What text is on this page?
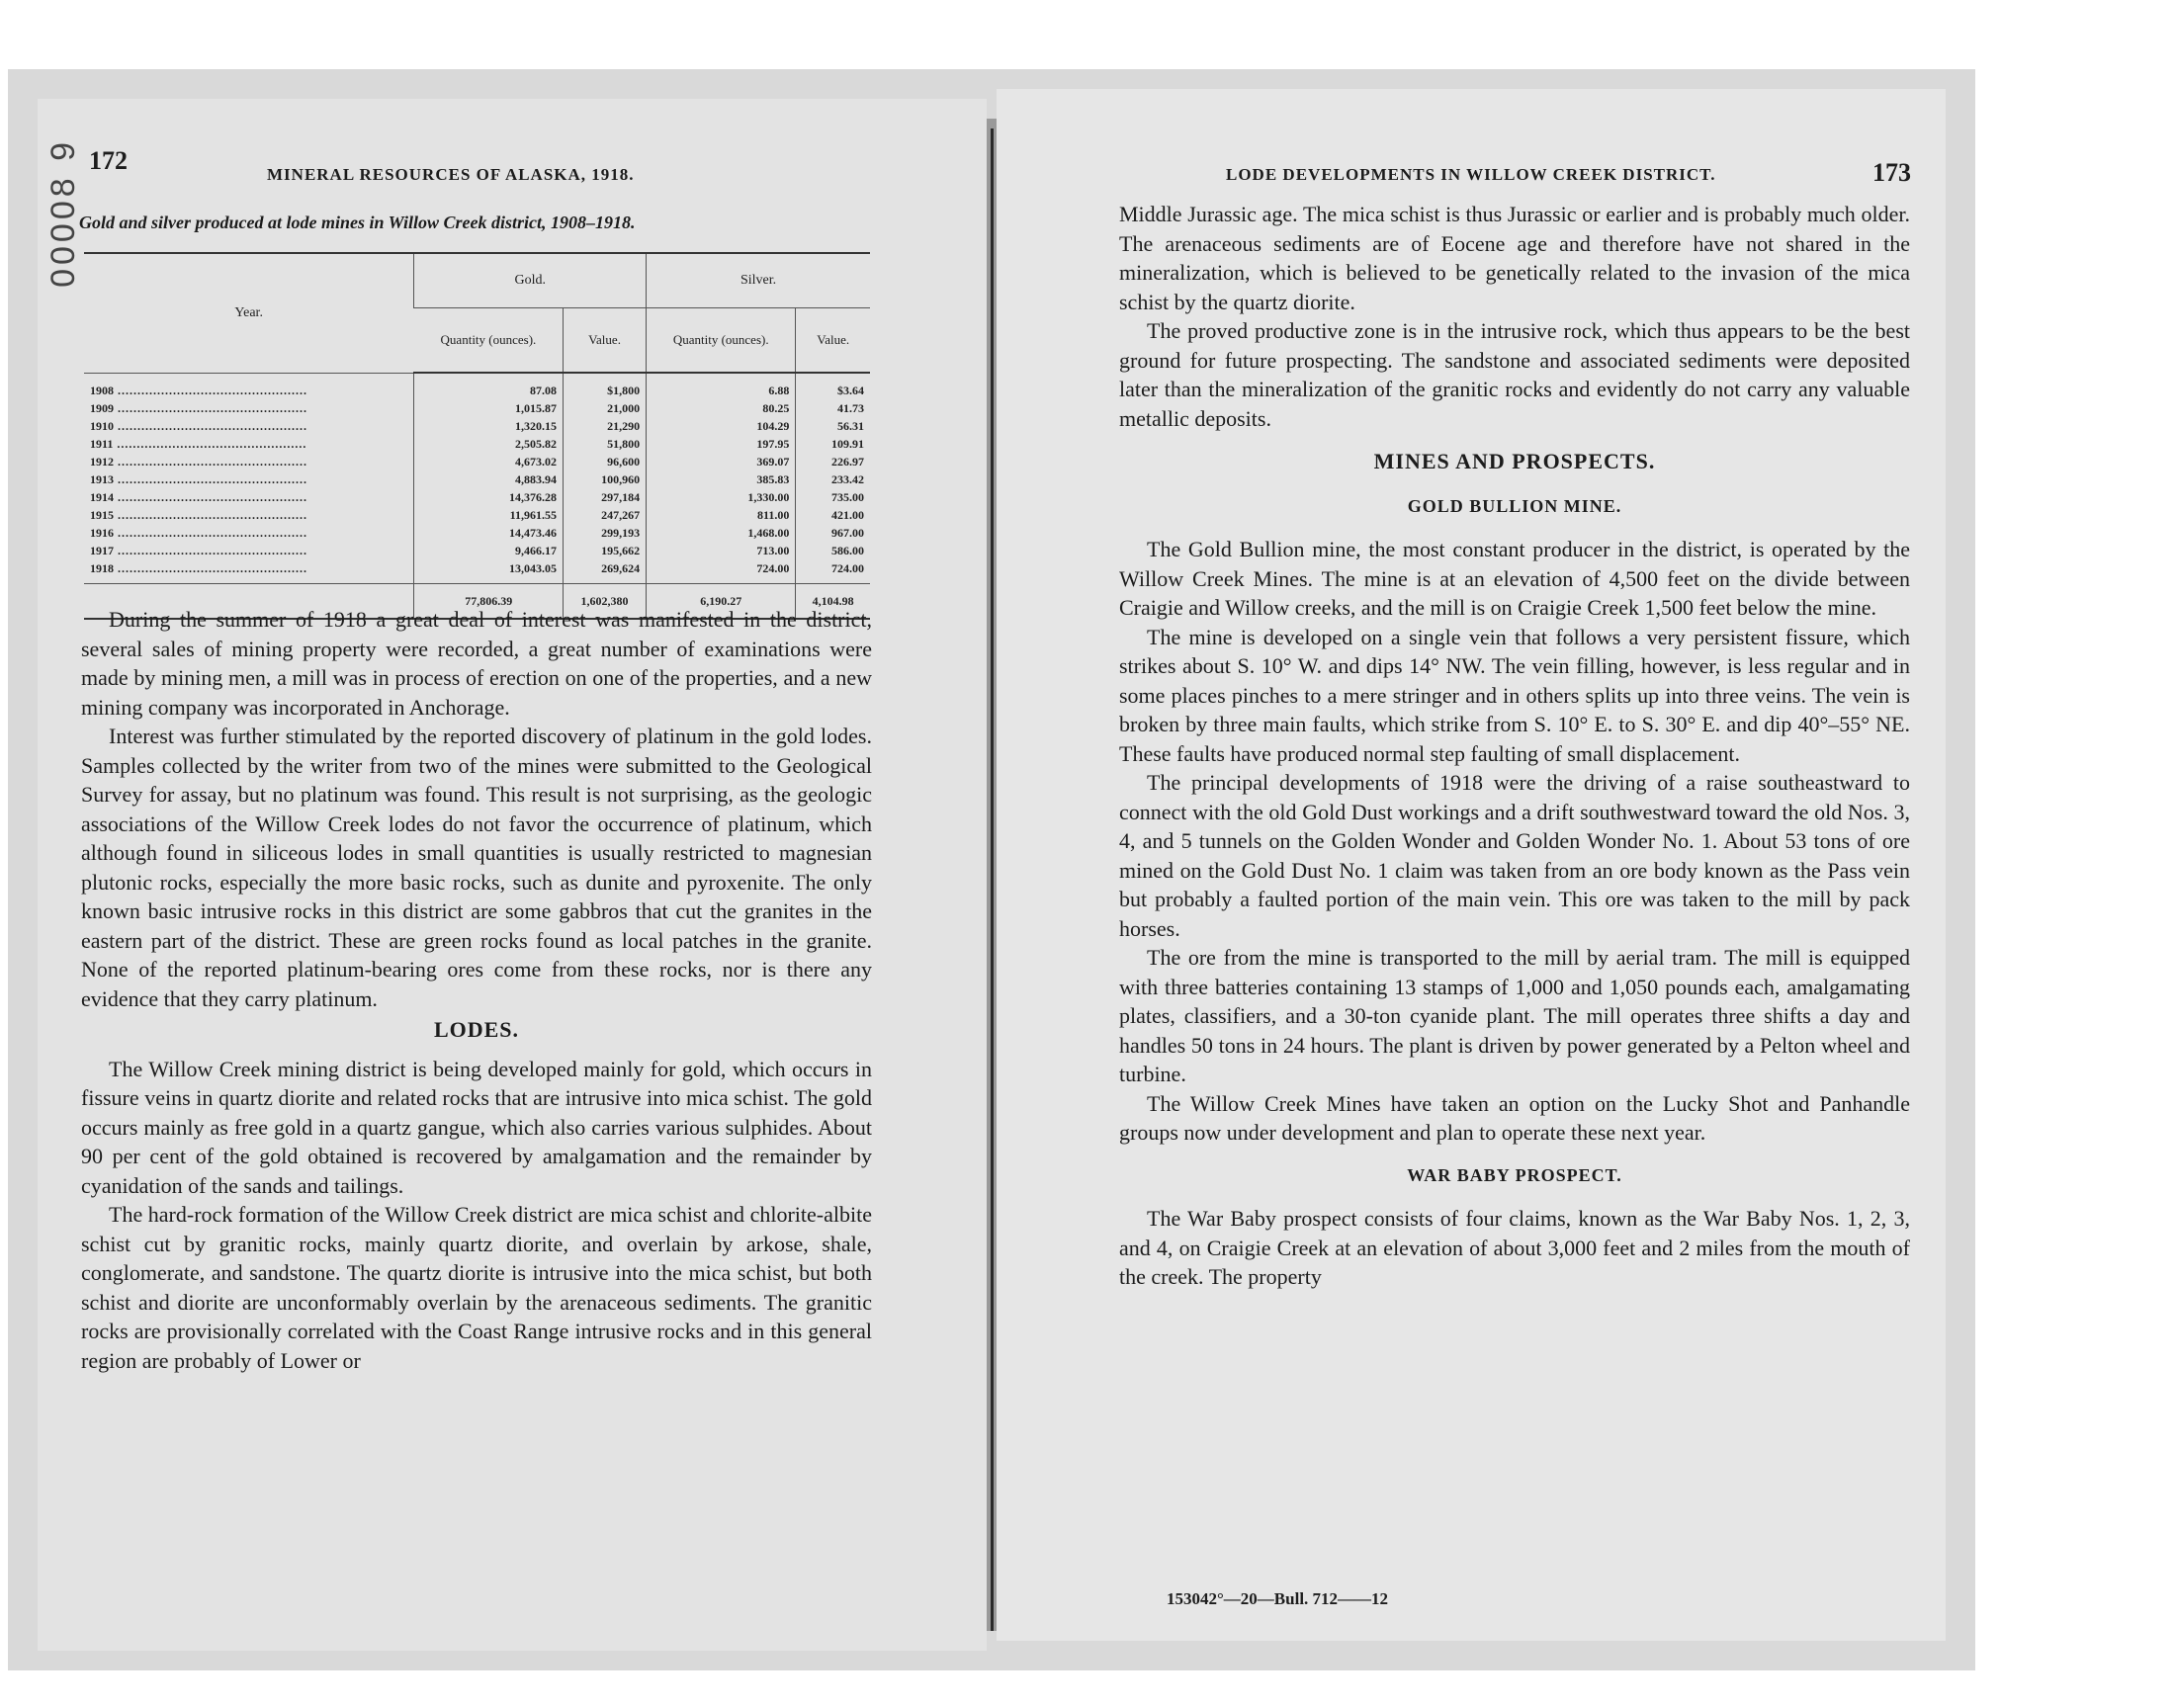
172	MINERAL RESOURCES OF ALASKA, 1918.
00008 9
Gold and silver produced at lode mines in Willow Creek district, 1908–1918.
Year.	Gold.		Silver.	
	Quantity (ounces).	Value.	Quantity (ounces).	Value.
1908 .....	87.08	$1,800	6.88	$3.64
1909 .....	1,015.87	21,000	80.25	41.73
1910 .....	1,320.15	21,290	104.29	56.31
1911 .....	2,505.82	51,800	197.95	109.91
1912 .....	4,673.02	96,600	369.07	226.97
1913 .....	4,883.94	100,960	385.83	233.42
1914 .....	14,376.28	297,184	1,330.00	735.00
1915 .....	11,961.55	247,267	811.00	421.00
1916 .....	14,473.46	299,193	1,468.00	967.00
1917 .....	9,466.17	195,662	713.00	586.00
1918 .....	13,043.05	269,624	724.00	724.00
	77,806.39	1,602,380	6,190.27	4,104.98

During the summer of 1918 a great deal of interest was manifested in the district, several sales of mining property were recorded, a great number of examinations were made by mining men, a mill was in process of erection on one of the properties, and a new mining company was incorporated in Anchorage.

Interest was further stimulated by the reported discovery of platinum in the gold lodes. Samples collected by the writer from two of the mines were submitted to the Geological Survey for assay, but no platinum was found. This result is not surprising, as the geologic associations of the Willow Creek lodes do not favor the occurrence of platinum, which although found in siliceous lodes in small quantities is usually restricted to magnesian plutonic rocks, especially the more basic rocks, such as dunite and pyroxenite. The only known basic intrusive rocks in this district are some gabbros that cut the granites in the eastern part of the district. These are green rocks found as local patches in the granite. None of the reported platinum-bearing ores come from these rocks, nor is there any evidence that they carry platinum.

LODES.

The Willow Creek mining district is being developed mainly for gold, which occurs in fissure veins in quartz diorite and related rocks that are intrusive into mica schist. The gold occurs mainly as free gold in a quartz gangue, which also carries various sulphides. About 90 per cent of the gold obtained is recovered by amalgamation and the remainder by cyanidation of the sands and tailings.

The hard-rock formation of the Willow Creek district are mica schist and chlorite-albite schist cut by granitic rocks, mainly quartz diorite, and overlain by arkose, shale, conglomerate, and sandstone. The quartz diorite is intrusive into the mica schist, but both schist and diorite are unconformably overlain by the arenaceous sediments. The granitic rocks are provisionally correlated with the Coast Range intrusive rocks and in this general region are probably of Lower or

LODE DEVELOPMENTS IN WILLOW CREEK DISTRICT.	173

Middle Jurassic age. The mica schist is thus Jurassic or earlier and is probably much older. The arenaceous sediments are of Eocene age and therefore have not shared in the mineralization, which is believed to be genetically related to the invasion of the mica schist by the quartz diorite.

The proved productive zone is in the intrusive rock, which thus appears to be the best ground for future prospecting. The sandstone and associated sediments were deposited later than the mineralization of the granitic rocks and evidently do not carry any valuable metallic deposits.

MINES AND PROSPECTS.

GOLD BULLION MINE.

The Gold Bullion mine, the most constant producer in the district, is operated by the Willow Creek Mines. The mine is at an elevation of 4,500 feet on the divide between Craigie and Willow creeks, and the mill is on Craigie Creek 1,500 feet below the mine.

The mine is developed on a single vein that follows a very persistent fissure, which strikes about S. 10° W. and dips 14° NW. The vein filling, however, is less regular and in some places pinches to a mere stringer and in others splits up into three veins. The vein is broken by three main faults, which strike from S. 10° E. to S. 30° E. and dip 40°–55° NE. These faults have produced normal step faulting of small displacement.

The principal developments of 1918 were the driving of a raise southeastward to connect with the old Gold Dust workings and a drift southwestward toward the old Nos. 3, 4, and 5 tunnels on the Golden Wonder and Golden Wonder No. 1. About 53 tons of ore mined on the Gold Dust No. 1 claim was taken from an ore body known as the Pass vein but probably a faulted portion of the main vein. This ore was taken to the mill by pack horses.

The ore from the mine is transported to the mill by aerial tram. The mill is equipped with three batteries containing 13 stamps of 1,000 and 1,050 pounds each, amalgamating plates, classifiers, and a 30-ton cyanide plant. The mill operates three shifts a day and handles 50 tons in 24 hours. The plant is driven by power generated by a Pelton wheel and turbine.

The Willow Creek Mines have taken an option on the Lucky Shot and Panhandle groups now under development and plan to operate these next year.

WAR BABY PROSPECT.

The War Baby prospect consists of four claims, known as the War Baby Nos. 1, 2, 3, and 4, on Craigie Creek at an elevation of about 3,000 feet and 2 miles from the mouth of the creek. The property

153042°—20—Bull. 712——12
